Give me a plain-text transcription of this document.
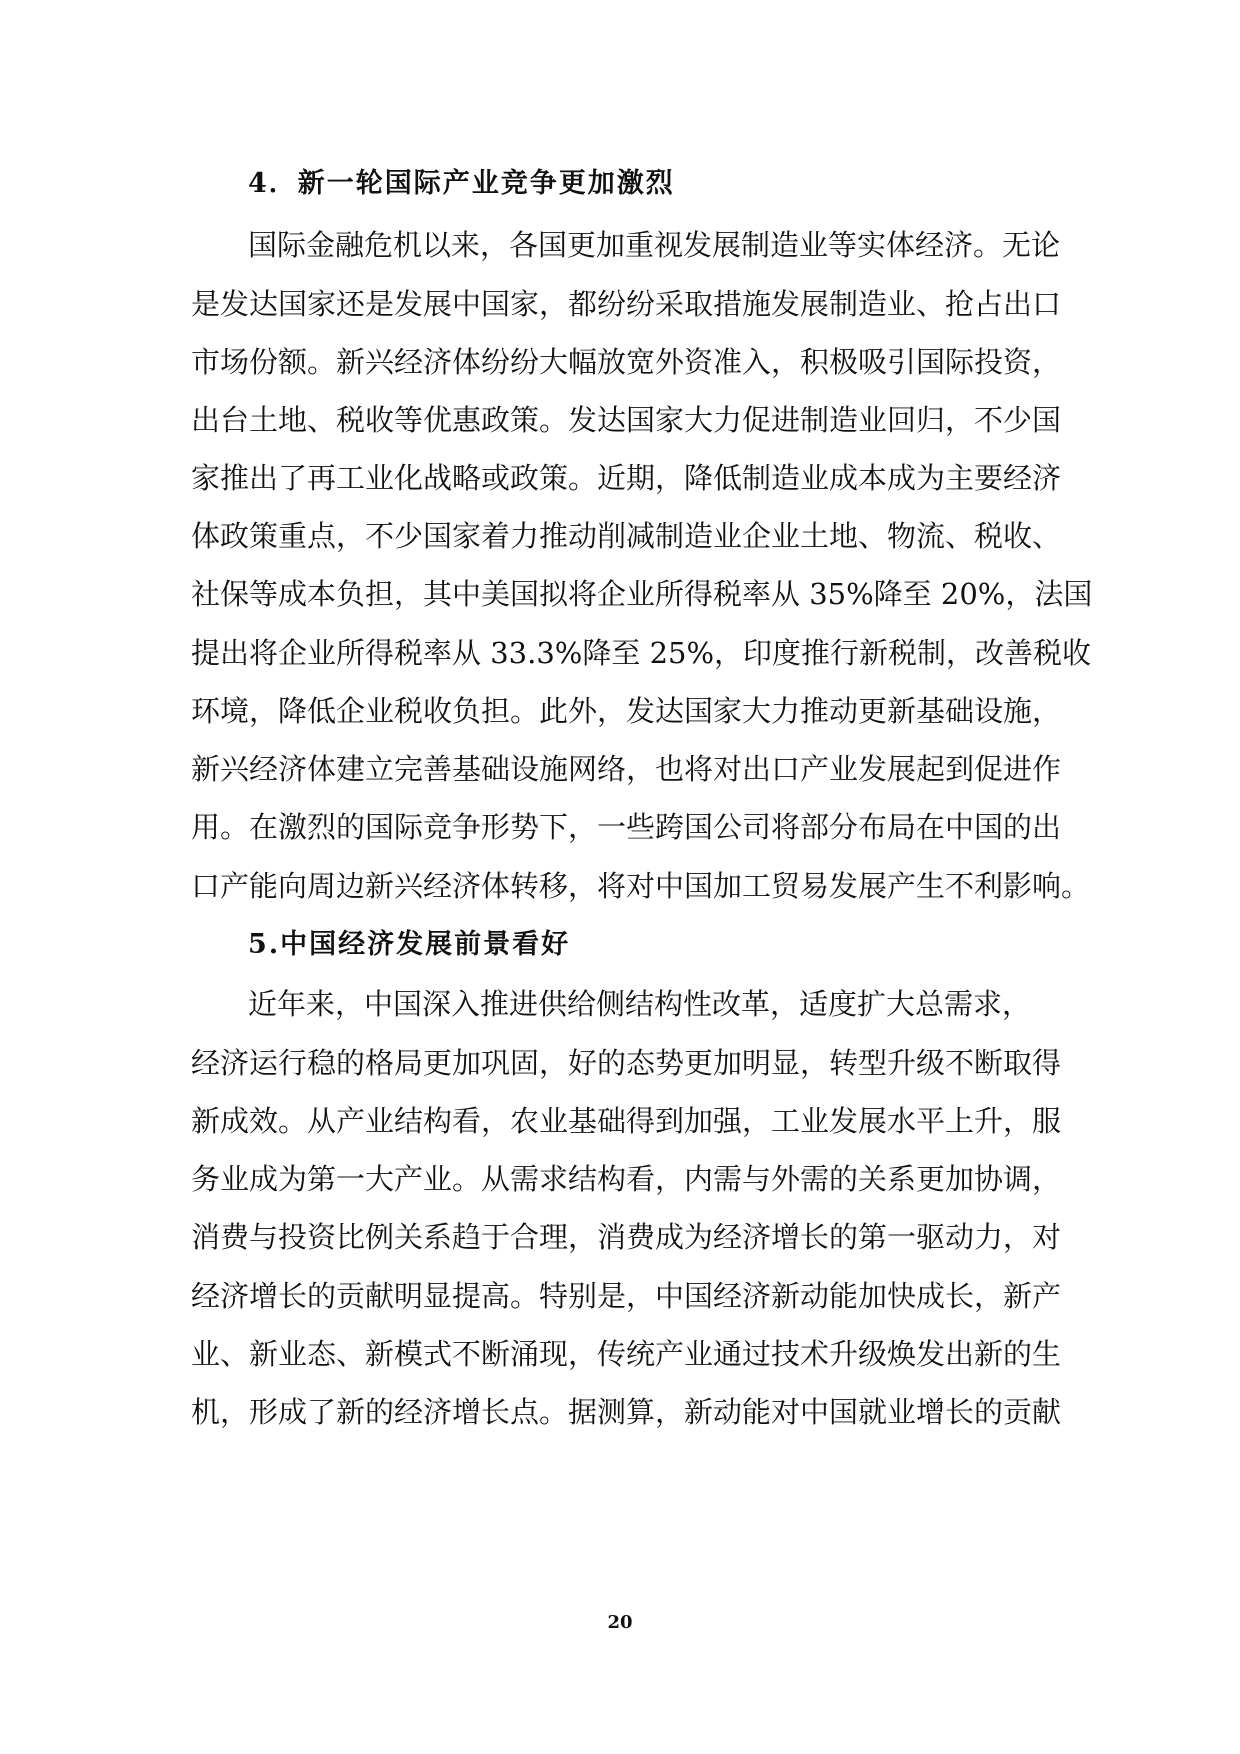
4．新一轮国际产业竞争更加激烈
国际金融危机以来，各国更加重视发展制造业等实体经济。无论
是发达国家还是发展中国家，都纷纷采取措施发展制造业、抢占出口
市场份额。新兴经济体纷纷大幅放宽外资准入，积极吸引国际投资，
出台土地、税收等优惠政策。发达国家大力促进制造业回归，不少国
家推出了再工业化战略或政策。近期，降低制造业成本成为主要经济
体政策重点，不少国家着力推动削减制造业企业土地、物流、税收、
社保等成本负担，其中美国拟将企业所得税率从 35%降至 20%，法国
提出将企业所得税率从 33.3%降至 25%，印度推行新税制，改善税收
环境，降低企业税收负担。此外，发达国家大力推动更新基础设施，
新兴经济体建立完善基础设施网络，也将对出口产业发展起到促进作
用。在激烈的国际竞争形势下，一些跨国公司将部分布局在中国的出
口产能向周边新兴经济体转移，将对中国加工贸易发展产生不利影响。
5.中国经济发展前景看好
近年来，中国深入推进供给侧结构性改革，适度扩大总需求，
经济运行稳的格局更加巩固，好的态势更加明显，转型升级不断取得
新成效。从产业结构看，农业基础得到加强，工业发展水平上升，服
务业成为第一大产业。从需求结构看，内需与外需的关系更加协调，
消费与投资比例关系趋于合理，消费成为经济增长的第一驱动力，对
经济增长的贡献明显提高。特别是，中国经济新动能加快成长，新产
业、新业态、新模式不断涌现，传统产业通过技术升级焕发出新的生
机，形成了新的经济增长点。据测算，新动能对中国就业增长的贡献
20
